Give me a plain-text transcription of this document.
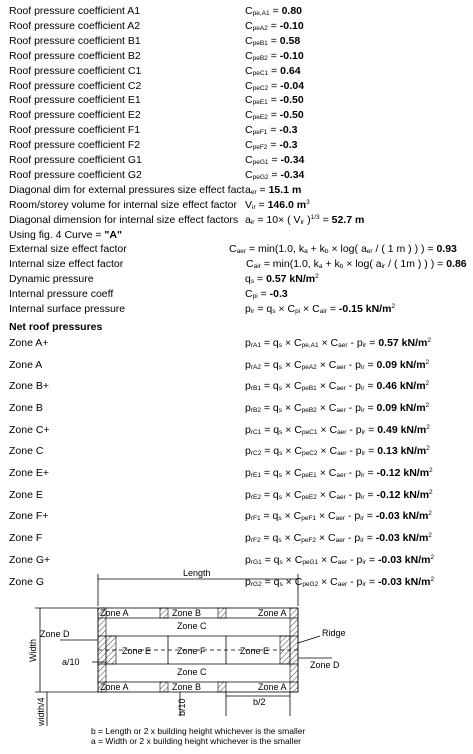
Roof pressure coefficient A1	$C_{pe,A1} = 0.80$
Roof pressure coefficient A2	$C_{peA2} = -0.10$
Roof pressure coefficient B1	$C_{peB1} = 0.58$
Roof pressure coefficient B2	$C_{peB2} = -0.10$
Roof pressure coefficient C1	$C_{peC1} = 0.64$
Roof pressure coefficient C2	$C_{peC2} = -0.04$
Roof pressure coefficient E1	$C_{peE1} = -0.50$
Roof pressure coefficient E2	$C_{peE2} = -0.50$
Roof pressure coefficient F1	$C_{peF1} = -0.3$
Roof pressure coefficient F2	$C_{peF2} = -0.3$
Roof pressure coefficient G1	$C_{peG1} = -0.34$
Roof pressure coefficient G2	$C_{peG2} = -0.34$
Diagonal dim for external pressures size effect fact $a_{er} = 15.1$ m
Room/storey volume for internal size effect factor $V_{ir} = 146.0$ $m^3$
Diagonal dimension for internal size effect factors $a_{ir} = 10\times$ ( $V_{ir}$ )$^{1/3}$ = 52.7 m
Using fig. 4 Curve = "A"
External size effect factor	$C_{aer} = \min(1.0$, $k_a + k_b \times \log$( $a_{er}$ / ( 1 m ) ) ) = 0.93
Internal size effect factor	$C_{air} = \min(1.0$, $k_a + k_b \times \log$( $a_{ir}$ / ( 1m ) ) ) = 0.86
Dynamic pressure	$q_s = 0.57$ $kN/m^2$
Internal pressure coeff	$C_{pi} = -0.3$
Internal surface pressure	$p_{ir} = q_s \times C_{pi} \times C_{air} = -0.15$ $kN/m^2$
Net roof pressures
Zone A+	$p_{rA1} = q_s \times C_{pe,A1} \times C_{aer} - p_{ir} = 0.57$ $kN/m^2$
Zone A	$p_{rA2} = q_s \times C_{peA2} \times C_{aer} - p_{ir} = 0.09$ $kN/m^2$
Zone B+	$p_{rB1} = q_s \times C_{peB1} \times C_{aer} - p_{ir} = 0.46$ $kN/m^2$
Zone B	$p_{rB2} = q_s \times C_{peB2} \times C_{aer} - p_{ir} = 0.09$ $kN/m^2$
Zone C+	$p_{rC1} = q_s \times C_{peC1} \times C_{aer} - p_{ir} = 0.49$ $kN/m^2$
Zone C	$p_{rC2} = q_s \times C_{peC2} \times C_{aer} - p_{ir} = 0.13$ $kN/m^2$
Zone E+	$p_{rE1} = q_s \times C_{peE1} \times C_{aer} - p_{ir} = -0.12$ $kN/m^2$
Zone E	$p_{rE2} = q_s \times C_{peE2} \times C_{aer} - p_{ir} = -0.12$ $kN/m^2$
Zone F+	$p_{rF1} = q_s \times C_{peF1} \times C_{aer} - p_{ir} = -0.03$ $kN/m^2$
Zone F	$p_{rF2} = q_s \times C_{peF2} \times C_{aer} - p_{ir} = -0.03$ $kN/m^2$
Zone G+	$p_{rG1} = q_s \times C_{peG1} \times C_{aer} - p_{ir} = -0.03$ $kN/m^2$
Zone G	$p_{rG2} = q_s \times C_{peG2} \times C_{aer} - p_{ir} = -0.03$ $kN/m^2$
Length
Width
Zone A	Zone B	Zone A
Zone C
Zone D
Zone E	Zone F	Zone E
Ridge
Zone D
a/10
Zone C
Zone A	Zone B	Zone A
b/10	b/2
width/4
b = Length or 2 x building height whichever is the smaller
a = Width or 2 x building height whichever is the smaller
